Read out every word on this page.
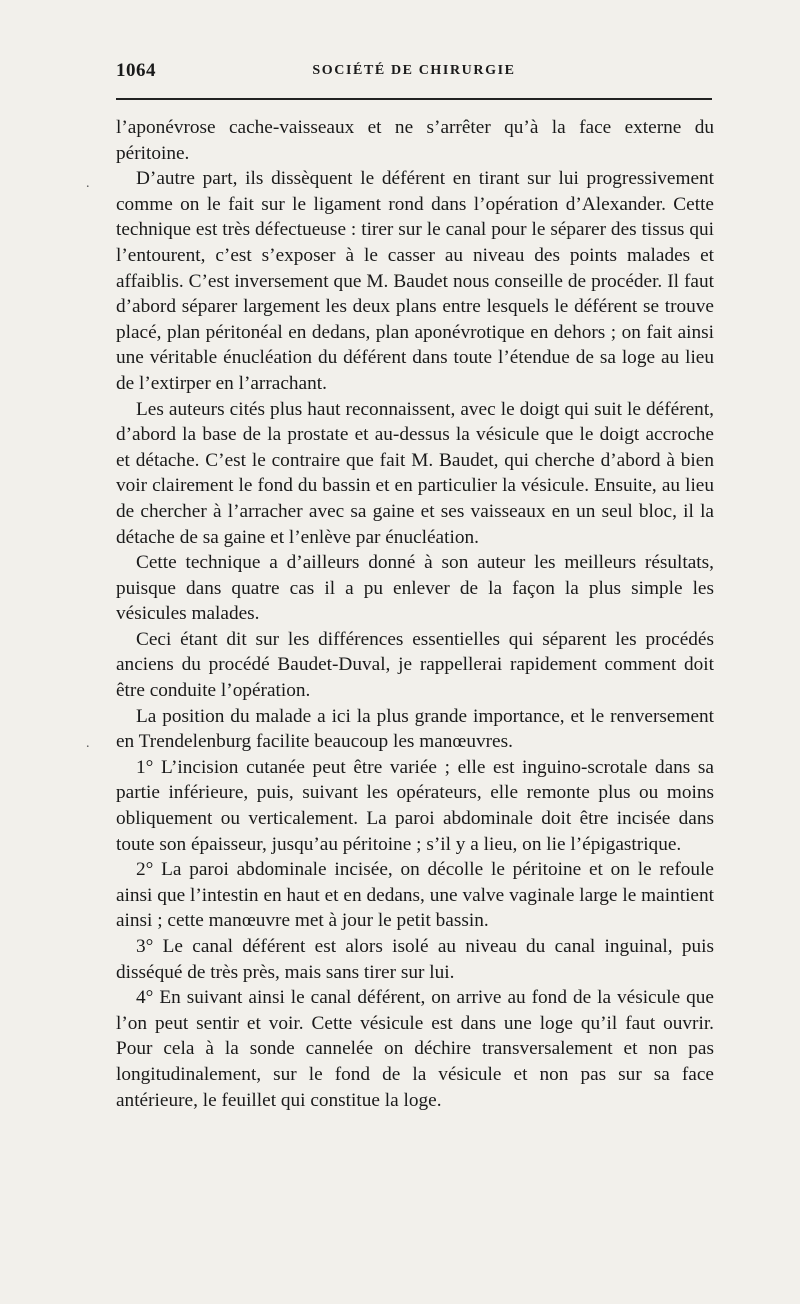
1064	SOCIÉTÉ DE CHIRURGIE
.
.

l’aponévrose cache-vaisseaux et ne s’arrêter qu’à la face externe du péritoine.

D’autre part, ils dissèquent le déférent en tirant sur lui progressivement comme on le fait sur le ligament rond dans l’opération d’Alexander. Cette technique est très défectueuse : tirer sur le canal pour le séparer des tissus qui l’entourent, c’est s’exposer à le casser au niveau des points malades et affaiblis. C’est inversement que M. Baudet nous conseille de procéder. Il faut d’abord séparer largement les deux plans entre lesquels le déférent se trouve placé, plan péritonéal en dedans, plan aponévrotique en dehors ; on fait ainsi une véritable énucléation du déférent dans toute l’étendue de sa loge au lieu de l’extirper en l’arrachant.

Les auteurs cités plus haut reconnaissent, avec le doigt qui suit le déférent, d’abord la base de la prostate et au-dessus la vésicule que le doigt accroche et détache. C’est le contraire que fait M. Baudet, qui cherche d’abord à bien voir clairement le fond du bassin et en particulier la vésicule. Ensuite, au lieu de chercher à l’arracher avec sa gaine et ses vaisseaux en un seul bloc, il la détache de sa gaine et l’enlève par énucléation.

Cette technique a d’ailleurs donné à son auteur les meilleurs résultats, puisque dans quatre cas il a pu enlever de la façon la plus simple les vésicules malades.

Ceci étant dit sur les différences essentielles qui séparent les procédés anciens du procédé Baudet-Duval, je rappellerai rapidement comment doit être conduite l’opération.

La position du malade a ici la plus grande importance, et le renversement en Trendelenburg facilite beaucoup les manœuvres.

1° L’incision cutanée peut être variée ; elle est inguino-scrotale dans sa partie inférieure, puis, suivant les opérateurs, elle remonte plus ou moins obliquement ou verticalement. La paroi abdominale doit être incisée dans toute son épaisseur, jusqu’au péritoine ; s’il y a lieu, on lie l’épigastrique.

2° La paroi abdominale incisée, on décolle le péritoine et on le refoule ainsi que l’intestin en haut et en dedans, une valve vaginale large le maintient ainsi ; cette manœuvre met à jour le petit bassin.

3° Le canal déférent est alors isolé au niveau du canal inguinal, puis disséqué de très près, mais sans tirer sur lui.

4° En suivant ainsi le canal déférent, on arrive au fond de la vésicule que l’on peut sentir et voir. Cette vésicule est dans une loge qu’il faut ouvrir. Pour cela à la sonde cannelée on déchire transversalement et non pas longitudinalement, sur le fond de la vésicule et non pas sur sa face antérieure, le feuillet qui constitue la loge.
